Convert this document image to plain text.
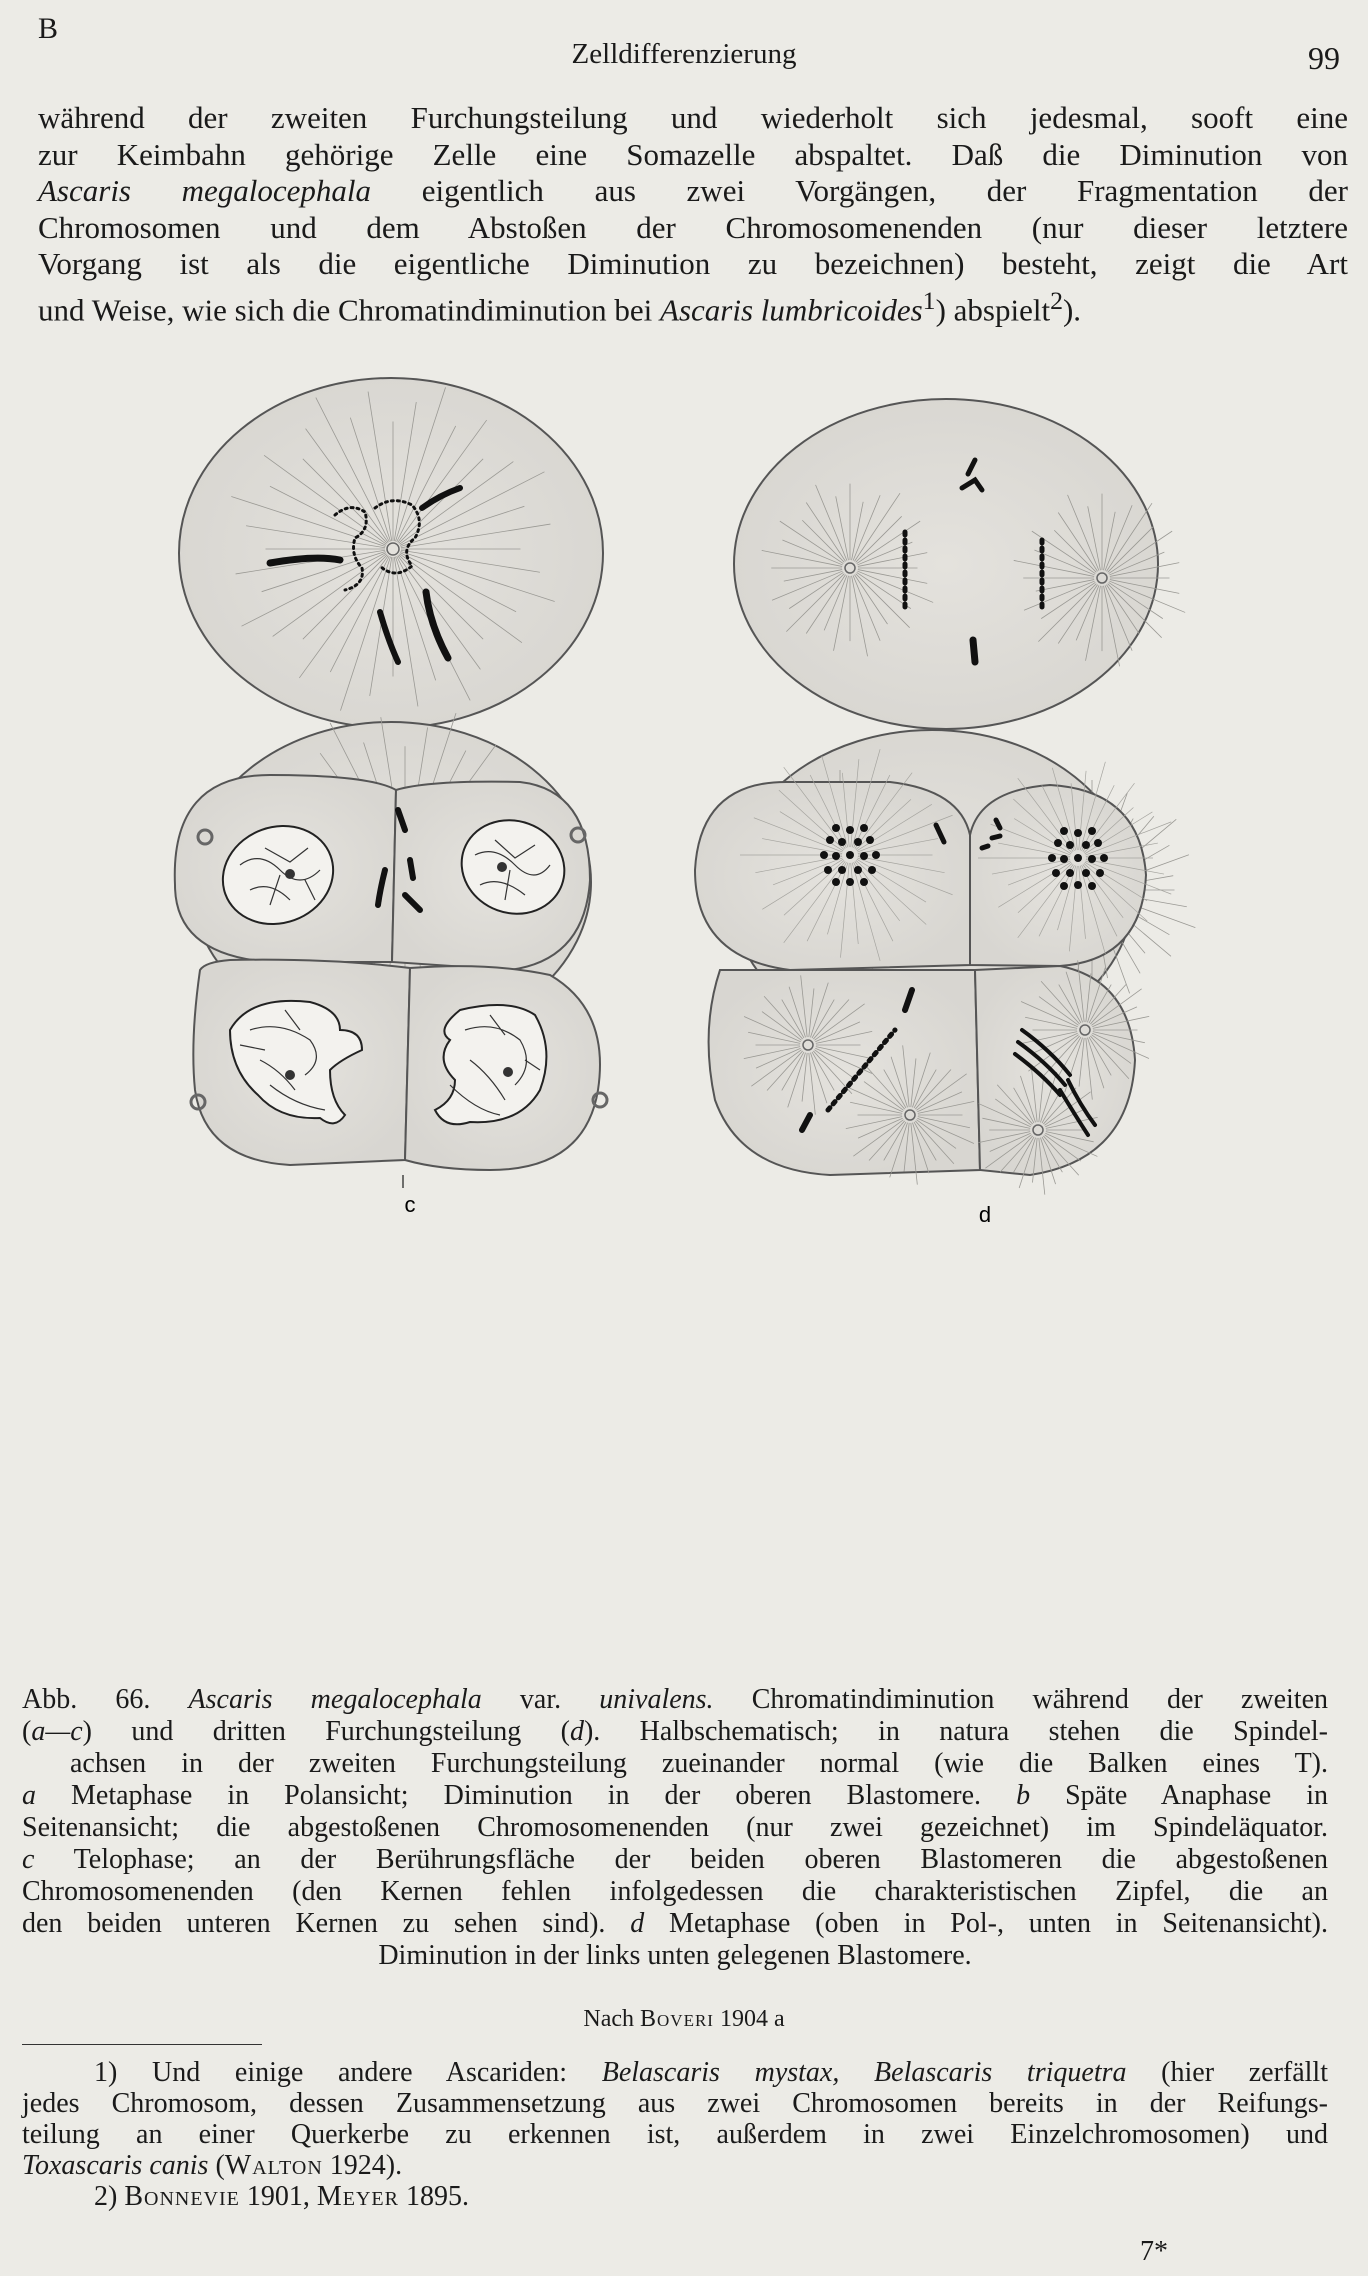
B
Zelldifferenzierung	99
während der zweiten Furchungsteilung und wiederholt sich jedesmal, sooft eine
zur Keimbahn gehörige Zelle eine Somazelle abspaltet. Daß die Diminution von
Ascaris megalocephala eigentlich aus zwei Vorgängen, der Fragmentation der
Chromosomen und dem Abstoßen der Chromosomenenden (nur dieser letztere
Vorgang ist als die eigentliche Diminution zu bezeichnen) besteht, zeigt die Art
und Weise, wie sich die Chromatindiminution bei Ascaris lumbricoides$^1$) abspielt$^2$).
c	d
Abb. 66. Ascaris megalocephala var. univalens. Chromatindiminution während der zweiten
(a—c) und dritten Furchungsteilung (d). Halbschematisch; in natura stehen die Spindel-
achsen in der zweiten Furchungsteilung zueinander normal (wie die Balken eines T).
a Metaphase in Polansicht; Diminution in der oberen Blastomere. b Späte Anaphase in
Seitenansicht; die abgestoßenen Chromosomenenden (nur zwei gezeichnet) im Spindeläquator.
c Telophase; an der Berührungsfläche der beiden oberen Blastomeren die abgestoßenen
Chromosomenenden (den Kernen fehlen infolgedessen die charakteristischen Zipfel, die an
den beiden unteren Kernen zu sehen sind). d Metaphase (oben in Pol-, unten in Seitenansicht).
Diminution in der links unten gelegenen Blastomere.
Nach Boveri 1904 a
1) Und einige andere Ascariden: Belascaris mystax, Belascaris triquetra (hier zerfällt
jedes Chromosom, dessen Zusammensetzung aus zwei Chromosomen bereits in der Reifungs-
teilung an einer Querkerbe zu erkennen ist, außerdem in zwei Einzelchromosomen) und
Toxascaris canis (Walton 1924).
2) Bonnevie 1901, Meyer 1895.
7*
